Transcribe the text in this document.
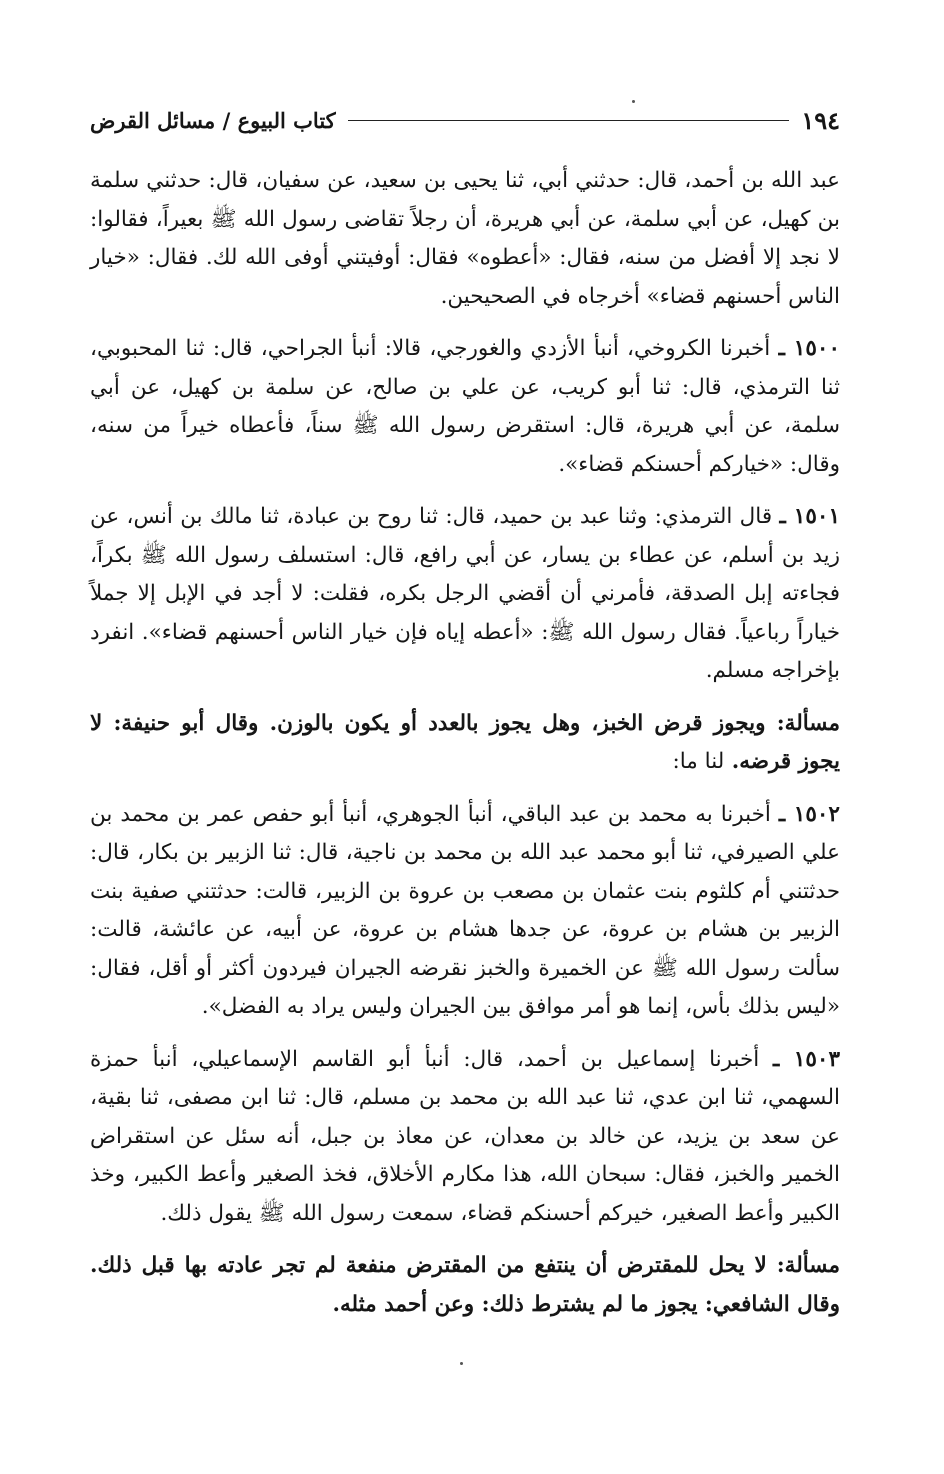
١٩٤
كتاب البيوع / مسائل القرض

عبد الله بن أحمد، قال: حدثني أبي، ثنا يحيى بن سعيد، عن سفيان، قال: حدثني سلمة بن كهيل، عن أبي سلمة، عن أبي هريرة، أن رجلاً تقاضى رسول الله ﷺ بعيراً، فقالوا: لا نجد إلا أفضل من سنه، فقال: «أعطوه» فقال: أوفيتني أوفى الله لك. فقال: «خيار الناس أحسنهم قضاء» أخرجاه في الصحيحين.

١٥٠٠ ـ أخبرنا الكروخي، أنبأ الأزدي والغورجي، قالا: أنبأ الجراحي، قال: ثنا المحبوبي، ثنا الترمذي، قال: ثنا أبو كريب، عن علي بن صالح، عن سلمة بن كهيل، عن أبي سلمة، عن أبي هريرة، قال: استقرض رسول الله ﷺ سناً، فأعطاه خيراً من سنه، وقال: «خياركم أحسنكم قضاء».

١٥٠١ ـ قال الترمذي: وثنا عبد بن حميد، قال: ثنا روح بن عبادة، ثنا مالك بن أنس، عن زيد بن أسلم، عن عطاء بن يسار، عن أبي رافع، قال: استسلف رسول الله ﷺ بكراً، فجاءته إبل الصدقة، فأمرني أن أقضي الرجل بكره، فقلت: لا أجد في الإبل إلا جملاً خياراً رباعياً. فقال رسول الله ﷺ: «أعطه إياه فإن خيار الناس أحسنهم قضاء». انفرد بإخراجه مسلم.

مسألة: ويجوز قرض الخبز، وهل يجوز بالعدد أو يكون بالوزن. وقال أبو حنيفة: لا يجوز قرضه. لنا ما:

١٥٠٢ ـ أخبرنا به محمد بن عبد الباقي، أنبأ الجوهري، أنبأ أبو حفص عمر بن محمد بن علي الصيرفي، ثنا أبو محمد عبد الله بن محمد بن ناجية، قال: ثنا الزبير بن بكار، قال: حدثتني أم كلثوم بنت عثمان بن مصعب بن عروة بن الزبير، قالت: حدثتني صفية بنت الزبير بن هشام بن عروة، عن جدها هشام بن عروة، عن أبيه، عن عائشة، قالت: سألت رسول الله ﷺ عن الخميرة والخبز نقرضه الجيران فيردون أكثر أو أقل، فقال: «ليس بذلك بأس، إنما هو أمر موافق بين الجيران وليس يراد به الفضل».

١٥٠٣ ـ أخبرنا إسماعيل بن أحمد، قال: أنبأ أبو القاسم الإسماعيلي، أنبأ حمزة السهمي، ثنا ابن عدي، ثنا عبد الله بن محمد بن مسلم، قال: ثنا ابن مصفى، ثنا بقية، عن سعد بن يزيد، عن خالد بن معدان، عن معاذ بن جبل، أنه سئل عن استقراض الخمير والخبز، فقال: سبحان الله، هذا مكارم الأخلاق، فخذ الصغير وأعط الكبير، وخذ الكبير وأعط الصغير، خيركم أحسنكم قضاء، سمعت رسول الله ﷺ يقول ذلك.

مسألة: لا يحل للمقترض أن ينتفع من المقترض منفعة لم تجر عادته بها قبل ذلك. وقال الشافعي: يجوز ما لم يشترط ذلك: وعن أحمد مثله.
